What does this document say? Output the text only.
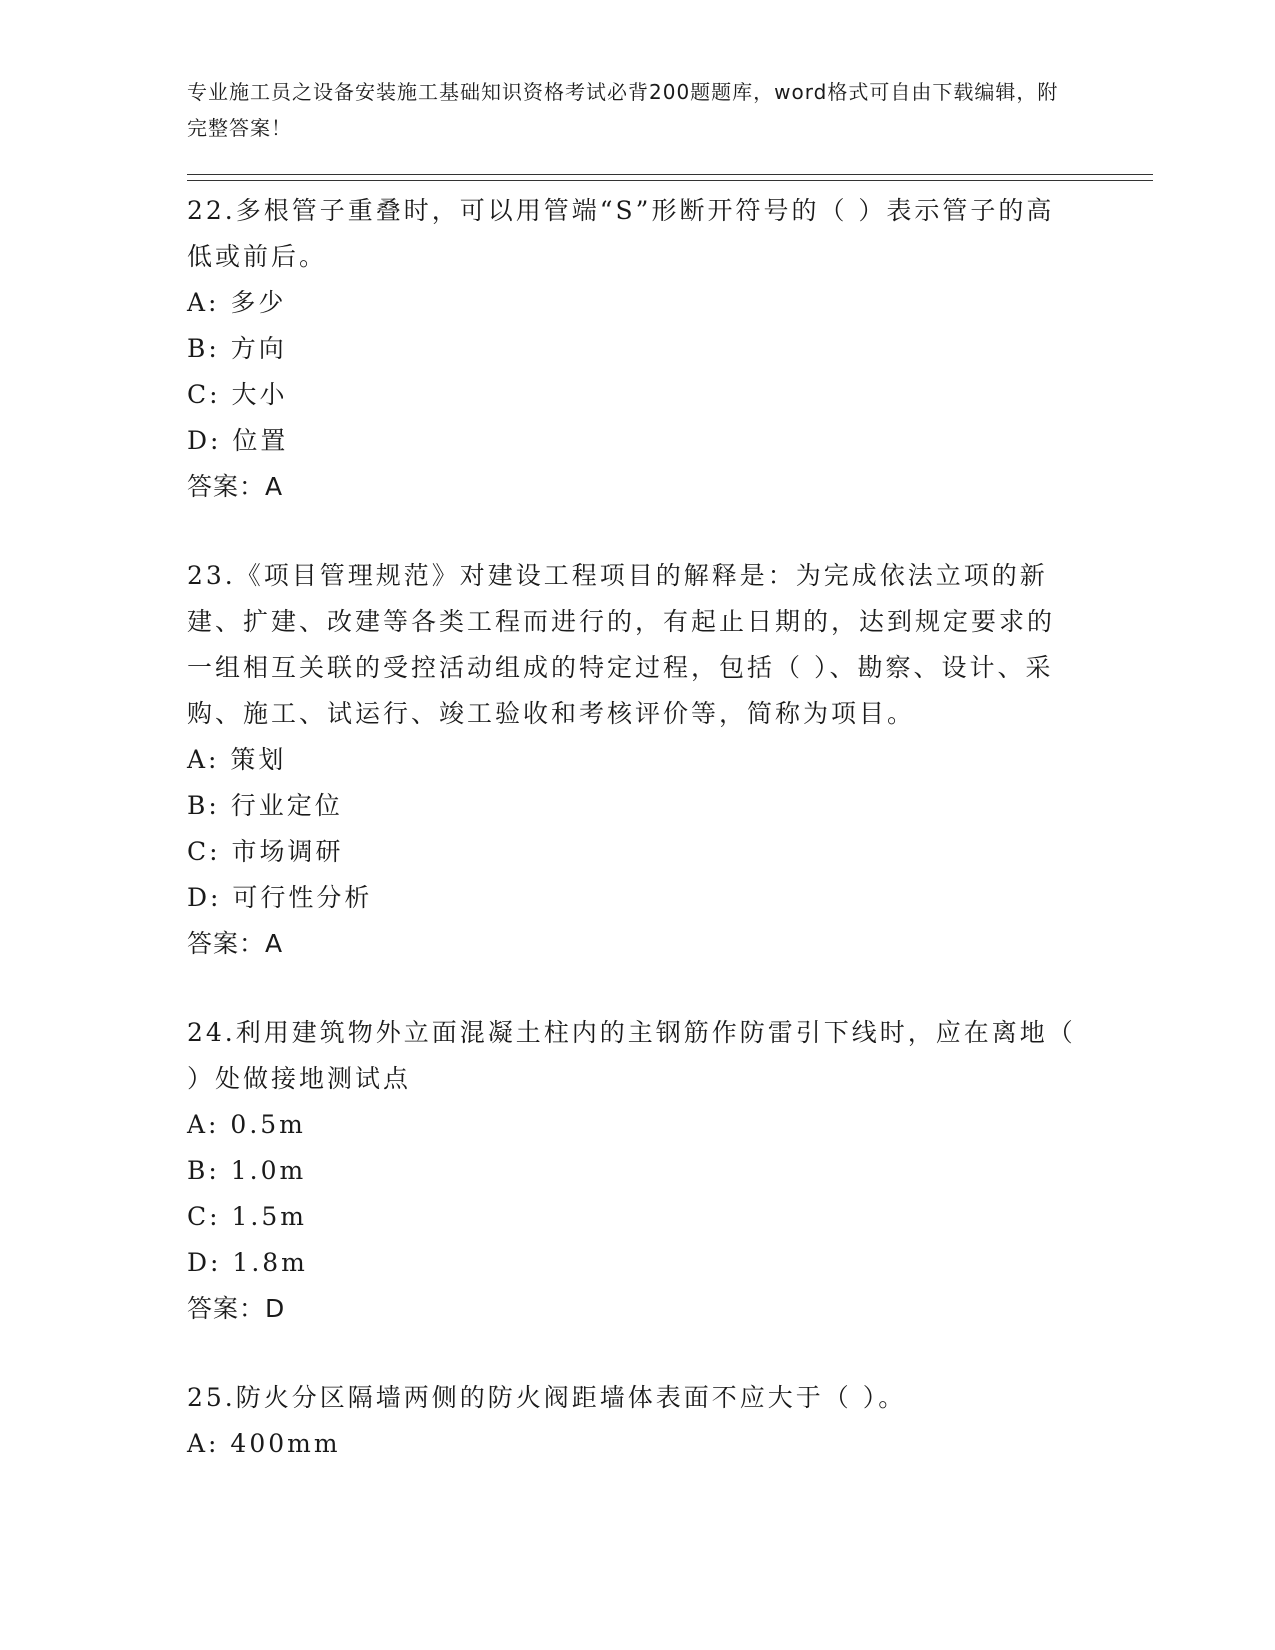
专业施工员之设备安装施工基础知识资格考试必背200题题库，word格式可自由下载编辑，附完整答案！

22.多根管子重叠时，可以用管端“S”形断开符号的（ ）表示管子的高低或前后。

A: 多少

B: 方向

C: 大小

D: 位置

答案：A

23.《项目管理规范》对建设工程项目的解释是：为完成依法立项的新建、扩建、改建等各类工程而进行的，有起止日期的，达到规定要求的一组相互关联的受控活动组成的特定过程，包括（ ）、勘察、设计、采购、施工、试运行、竣工验收和考核评价等，简称为项目。

A: 策划

B: 行业定位

C: 市场调研

D: 可行性分析

答案：A

24.利用建筑物外立面混凝土柱内的主钢筋作防雷引下线时，应在离地（ ）处做接地测试点

A: 0.5m

B: 1.0m

C: 1.5m

D: 1.8m

答案：D

25.防火分区隔墙两侧的防火阀距墙体表面不应大于（ ）。

A: 400mm
